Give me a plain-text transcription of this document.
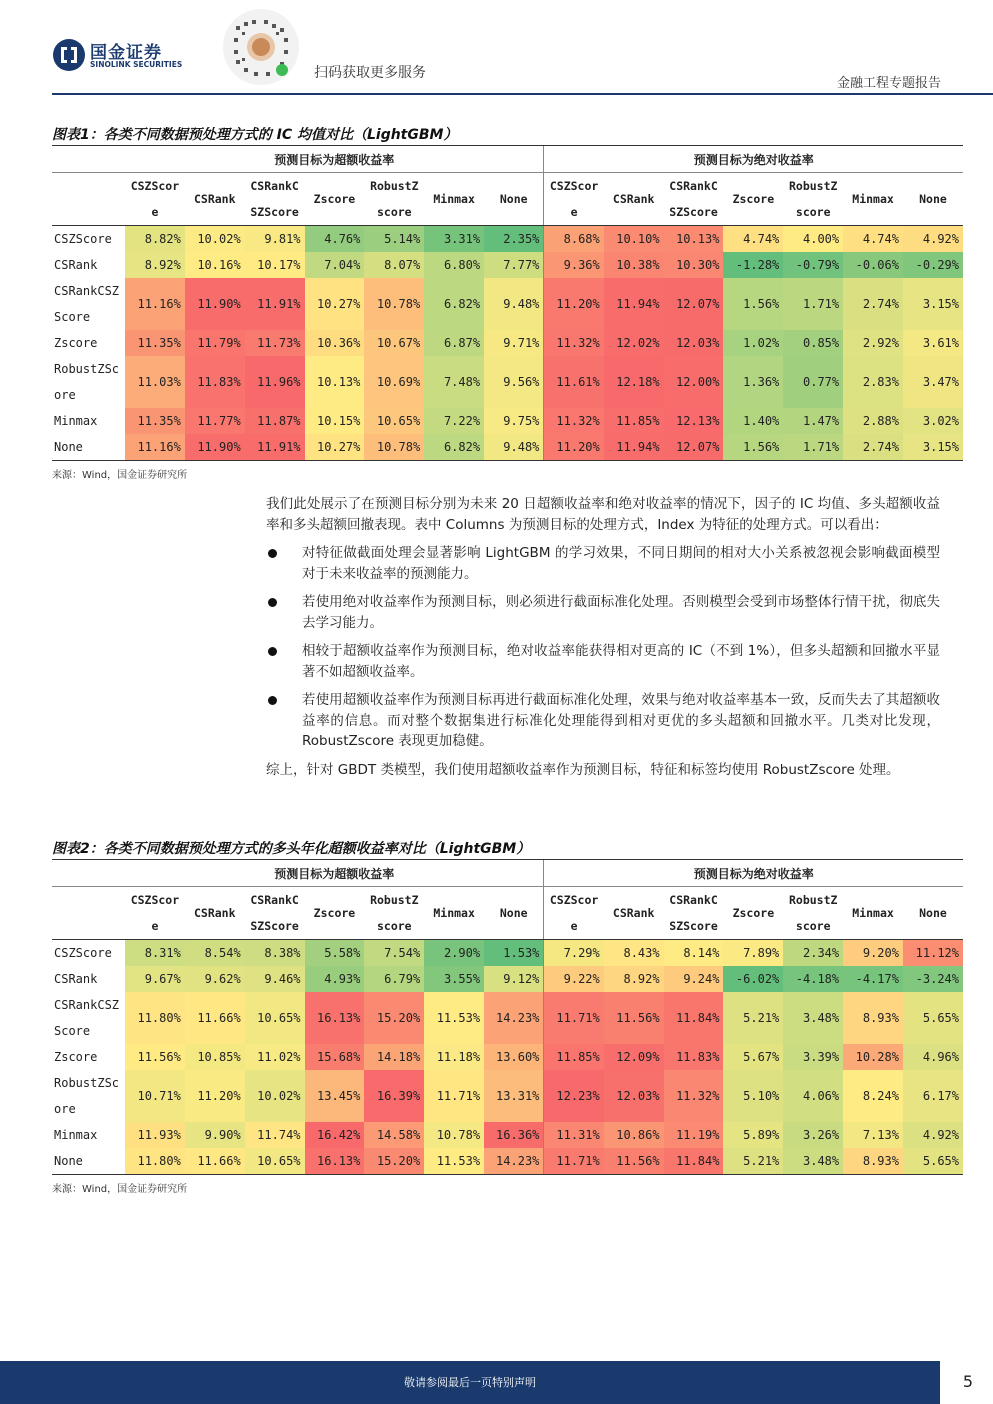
国金证券
SINOLINK SECURITIES
扫码获取更多服务
金融工程专题报告
图表1：各类不同数据预处理方式的 IC 均值对比（LightGBM）
	预测目标为超额收益率							预测目标为绝对收益率						
	CSZScore	CSRank	CSRankCSZScore	Zscore	RobustZscore	Minmax	None	CSZScore	CSRank	CSRankCSZScore	Zscore	RobustZscore	Minmax	None
CSZScore	8.82%	10.02%	9.81%	4.76%	5.14%	3.31%	2.35%	8.68%	10.10%	10.13%	4.74%	4.00%	4.74%	4.92%
CSRank	8.92%	10.16%	10.17%	7.04%	8.07%	6.80%	7.77%	9.36%	10.38%	10.30%	-1.28%	-0.79%	-0.06%	-0.29%
CSRankCSZScore	11.16%	11.90%	11.91%	10.27%	10.78%	6.82%	9.48%	11.20%	11.94%	12.07%	1.56%	1.71%	2.74%	3.15%
Zscore	11.35%	11.79%	11.73%	10.36%	10.67%	6.87%	9.71%	11.32%	12.02%	12.03%	1.02%	0.85%	2.92%	3.61%
RobustZScore	11.03%	11.83%	11.96%	10.13%	10.69%	7.48%	9.56%	11.61%	12.18%	12.00%	1.36%	0.77%	2.83%	3.47%
Minmax	11.35%	11.77%	11.87%	10.15%	10.65%	7.22%	9.75%	11.32%	11.85%	12.13%	1.40%	1.47%	2.88%	3.02%
None	11.16%	11.90%	11.91%	10.27%	10.78%	6.82%	9.48%	11.20%	11.94%	12.07%	1.56%	1.71%	2.74%	3.15%
来源：Wind，国金证券研究所

我们此处展示了在预测目标分别为未来 20 日超额收益率和绝对收益率的情况下，因子的 IC 均值、多头超额收益率和多头超额回撤表现。表中 Columns 为预测目标的处理方式，Index 为特征的处理方式。可以看出：

对特征做截面处理会显著影响 LightGBM 的学习效果，不同日期间的相对大小关系被忽视会影响截面模型对于未来收益率的预测能力。

若使用绝对收益率作为预测目标，则必须进行截面标准化处理。否则模型会受到市场整体行情干扰，彻底失去学习能力。

相较于超额收益率作为预测目标，绝对收益率能获得相对更高的 IC（不到 1%），但多头超额和回撤水平显著不如超额收益率。

若使用超额收益率作为预测目标再进行截面标准化处理，效果与绝对收益率基本一致，反而失去了其超额收益率的信息。而对整个数据集进行标准化处理能得到相对更优的多头超额和回撤水平。几类对比发现，RobustZscore 表现更加稳健。

综上，针对 GBDT 类模型，我们使用超额收益率作为预测目标，特征和标签均使用 RobustZscore 处理。

图表2：各类不同数据预处理方式的多头年化超额收益率对比（LightGBM）
	预测目标为超额收益率							预测目标为绝对收益率						
	CSZScore	CSRank	CSRankCSZScore	Zscore	RobustZscore	Minmax	None	CSZScore	CSRank	CSRankCSZScore	Zscore	RobustZscore	Minmax	None
CSZScore	8.31%	8.54%	8.38%	5.58%	7.54%	2.90%	1.53%	7.29%	8.43%	8.14%	7.89%	2.34%	9.20%	11.12%
CSRank	9.67%	9.62%	9.46%	4.93%	6.79%	3.55%	9.12%	9.22%	8.92%	9.24%	-6.02%	-4.18%	-4.17%	-3.24%
CSRankCSZScore	11.80%	11.66%	10.65%	16.13%	15.20%	11.53%	14.23%	11.71%	11.56%	11.84%	5.21%	3.48%	8.93%	5.65%
Zscore	11.56%	10.85%	11.02%	15.68%	14.18%	11.18%	13.60%	11.85%	12.09%	11.83%	5.67%	3.39%	10.28%	4.96%
RobustZScore	10.71%	11.20%	10.02%	13.45%	16.39%	11.71%	13.31%	12.23%	12.03%	11.32%	5.10%	4.06%	8.24%	6.17%
Minmax	11.93%	9.90%	11.74%	16.42%	14.58%	10.78%	16.36%	11.31%	10.86%	11.19%	5.89%	3.26%	7.13%	4.92%
None	11.80%	11.66%	10.65%	16.13%	15.20%	11.53%	14.23%	11.71%	11.56%	11.84%	5.21%	3.48%	8.93%	5.65%
来源：Wind，国金证券研究所
敬请参阅最后一页特别声明	5
